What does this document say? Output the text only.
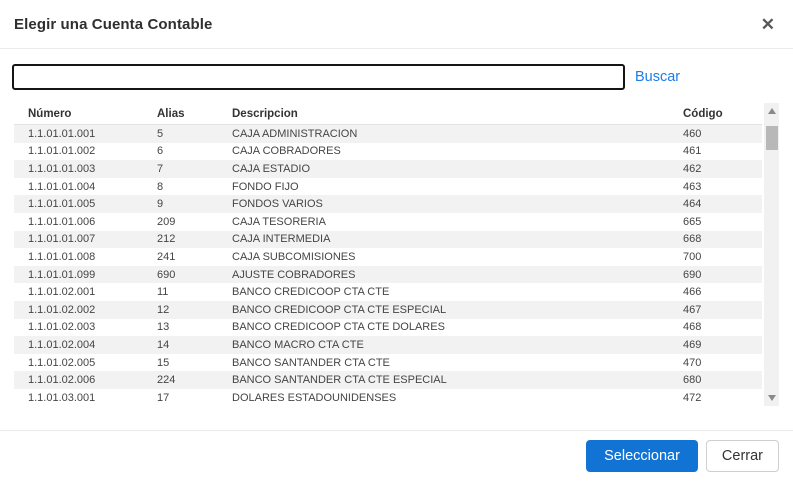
Elegir una Cuenta Contable	✕
Buscar
Número	Alias	Descripcion	Código
1.1.01.01.001	5	CAJA ADMINISTRACION	460
1.1.01.01.002	6	CAJA COBRADORES	461
1.1.01.01.003	7	CAJA ESTADIO	462
1.1.01.01.004	8	FONDO FIJO	463
1.1.01.01.005	9	FONDOS VARIOS	464
1.1.01.01.006	209	CAJA TESORERIA	665
1.1.01.01.007	212	CAJA INTERMEDIA	668
1.1.01.01.008	241	CAJA SUBCOMISIONES	700
1.1.01.01.099	690	AJUSTE COBRADORES	690
1.1.01.02.001	11	BANCO CREDICOOP CTA CTE	466
1.1.01.02.002	12	BANCO CREDICOOP CTA CTE ESPECIAL	467
1.1.01.02.003	13	BANCO CREDICOOP CTA CTE DOLARES	468
1.1.01.02.004	14	BANCO MACRO CTA CTE	469
1.1.01.02.005	15	BANCO SANTANDER CTA CTE	470
1.1.01.02.006	224	BANCO SANTANDER CTA CTE ESPECIAL	680
1.1.01.03.001	17	DOLARES ESTADOUNIDENSES	472
Seleccionar	Cerrar
